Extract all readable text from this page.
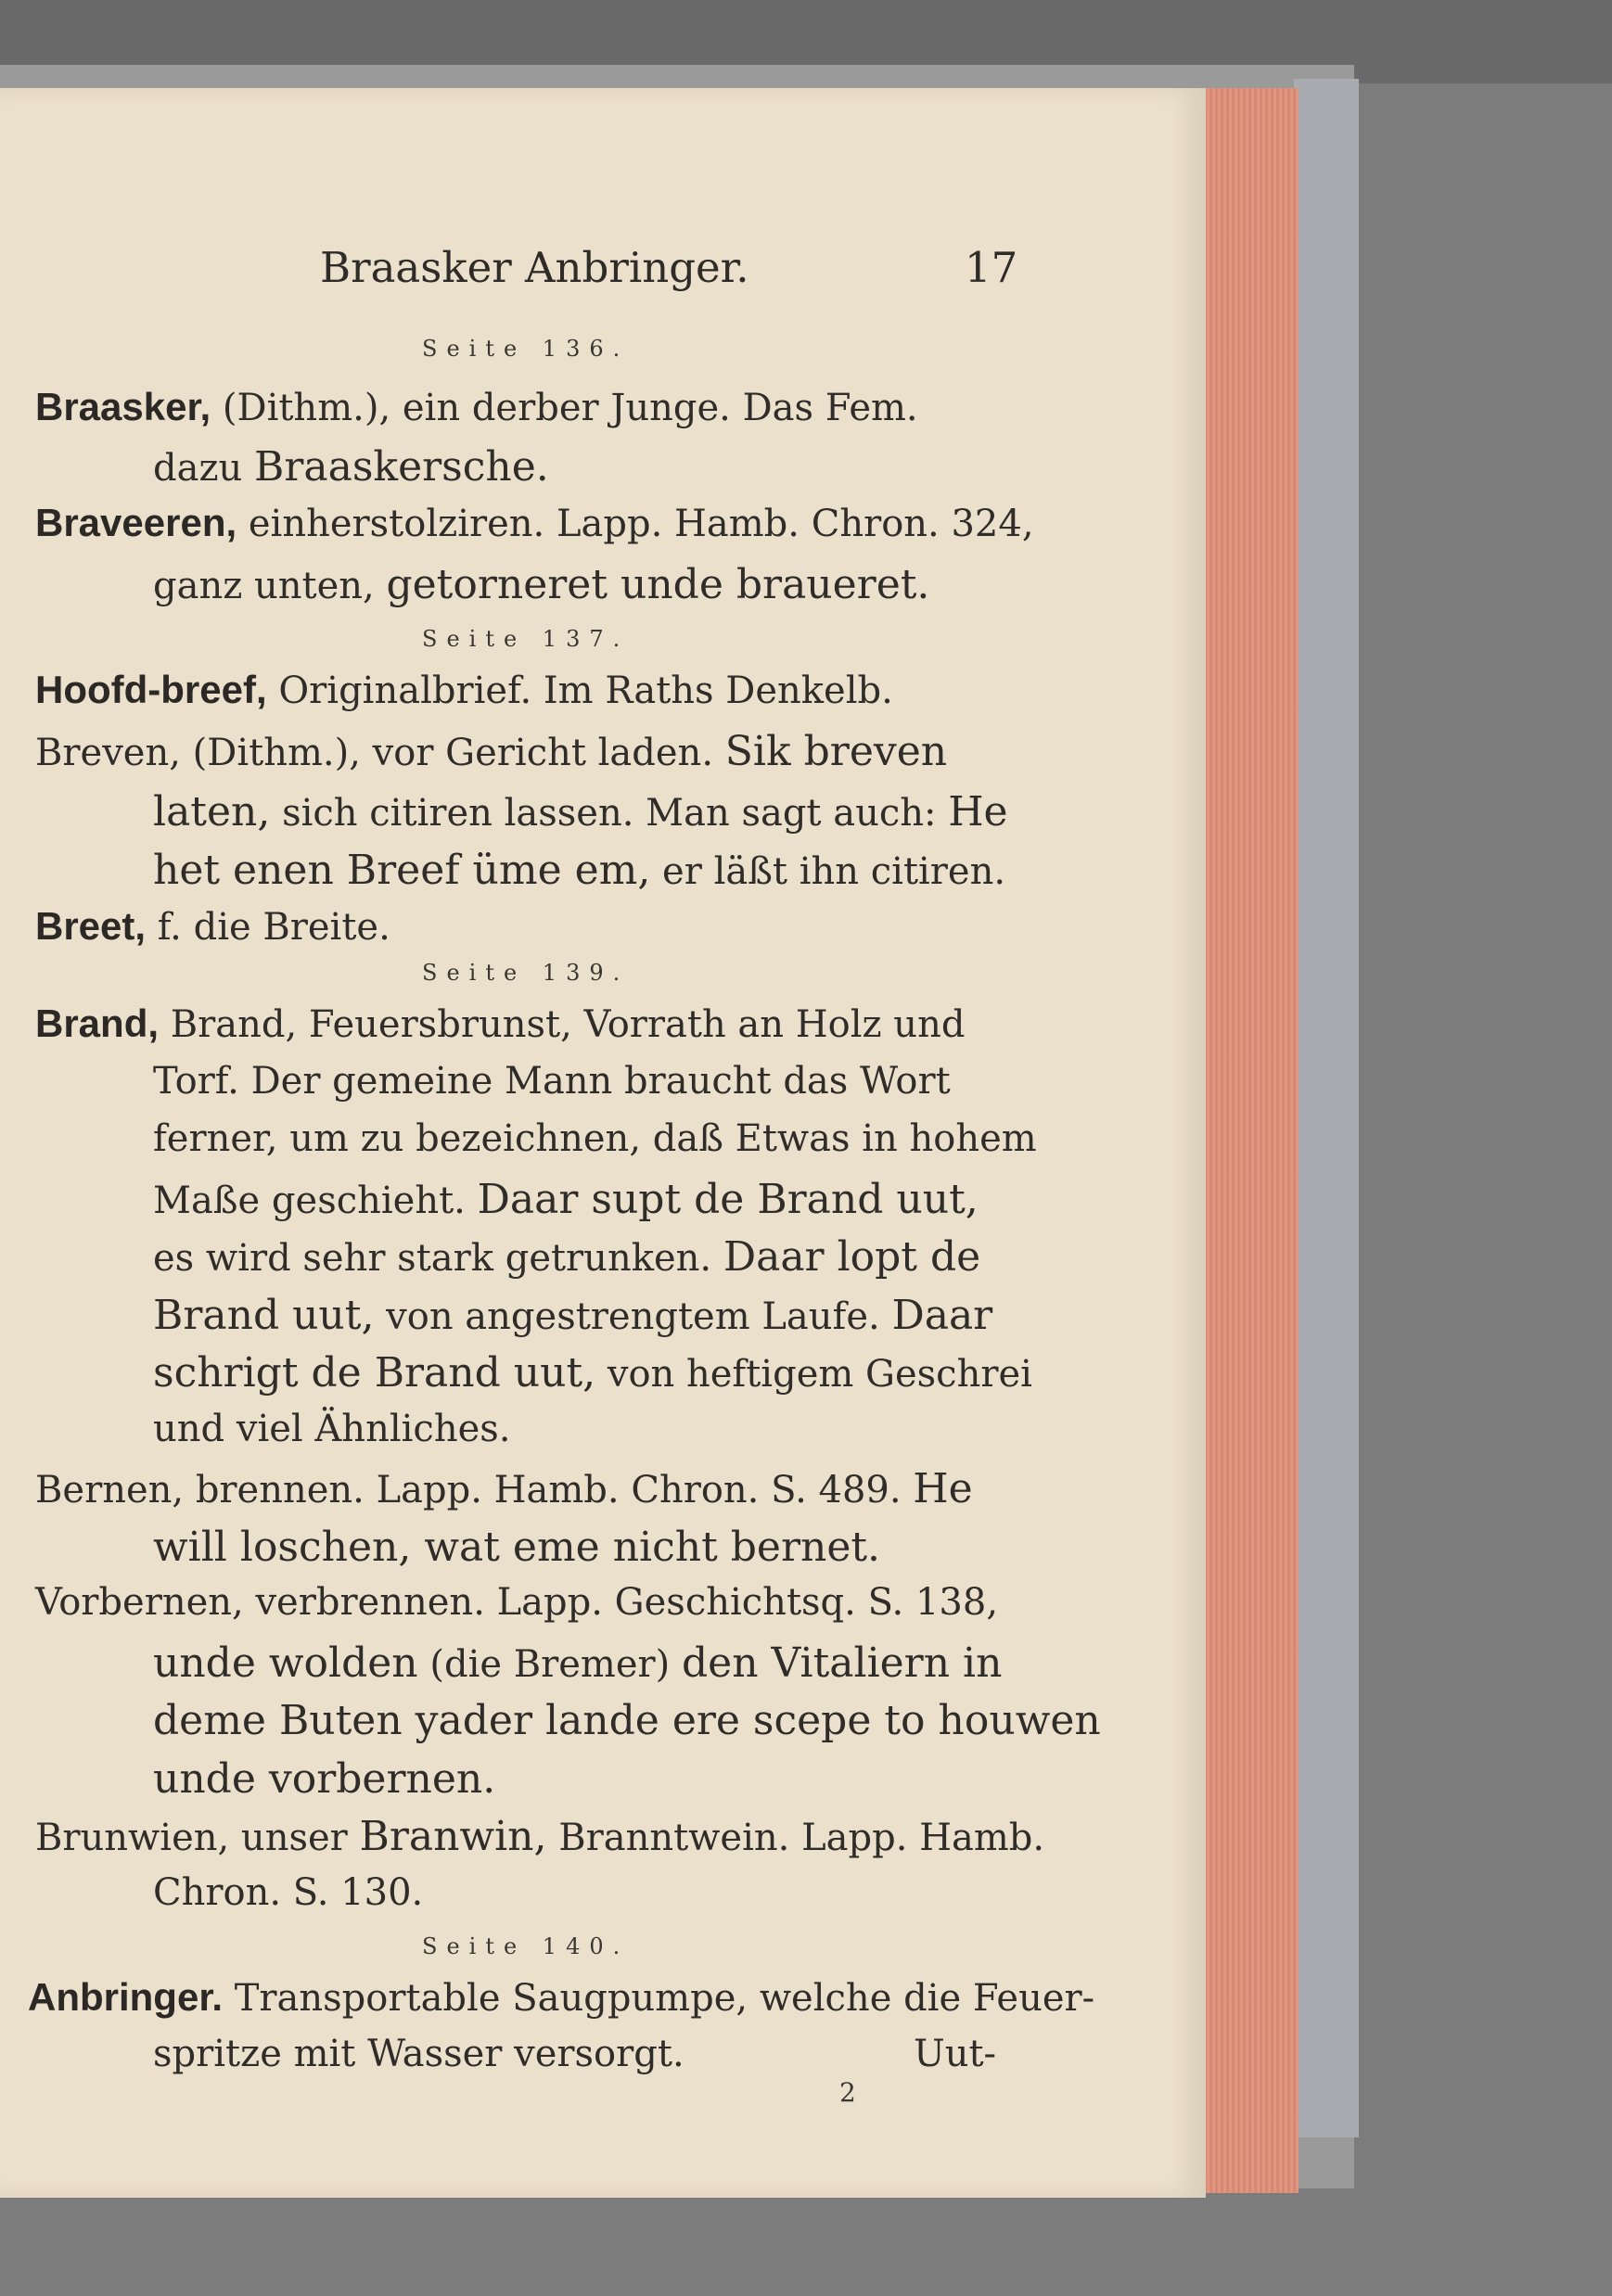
Braasker Anbringer.	17
Seite 136.
Braasker, (Dithm.), ein derber Junge. Das Fem.
dazu Braaskersche.
Braveeren, einherstolziren. Lapp. Hamb. Chron. 324,
ganz unten, getorneret unde braueret.
Seite 137.
Hoofd-breef, Originalbrief. Im Raths Denkelb.
Breven, (Dithm.), vor Gericht laden. Sik breven
laten, sich citiren lassen. Man sagt auch: He
het enen Breef üme em, er läßt ihn citiren.
Breet, f. die Breite.
Seite 139.
Brand, Brand, Feuersbrunst, Vorrath an Holz und
Torf. Der gemeine Mann braucht das Wort
ferner, um zu bezeichnen, daß Etwas in hohem
Maße geschieht. Daar supt de Brand uut,
es wird sehr stark getrunken. Daar lopt de
Brand uut, von angestrengtem Laufe. Daar
schrigt de Brand uut, von heftigem Geschrei
und viel Ähnliches.
Bernen, brennen. Lapp. Hamb. Chron. S. 489. He
will loschen, wat eme nicht bernet.
Vorbernen, verbrennen. Lapp. Geschichtsq. S. 138,
unde wolden (die Bremer) den Vitaliern in
deme Buten yader lande ere scepe to houwen
unde vorbernen.
Brunwien, unser Branwin, Branntwein. Lapp. Hamb.
Chron. S. 130.
Seite 140.
Anbringer. Transportable Saugpumpe, welche die Feuer-
spritze mit Wasser versorgt.	Uut-
2
